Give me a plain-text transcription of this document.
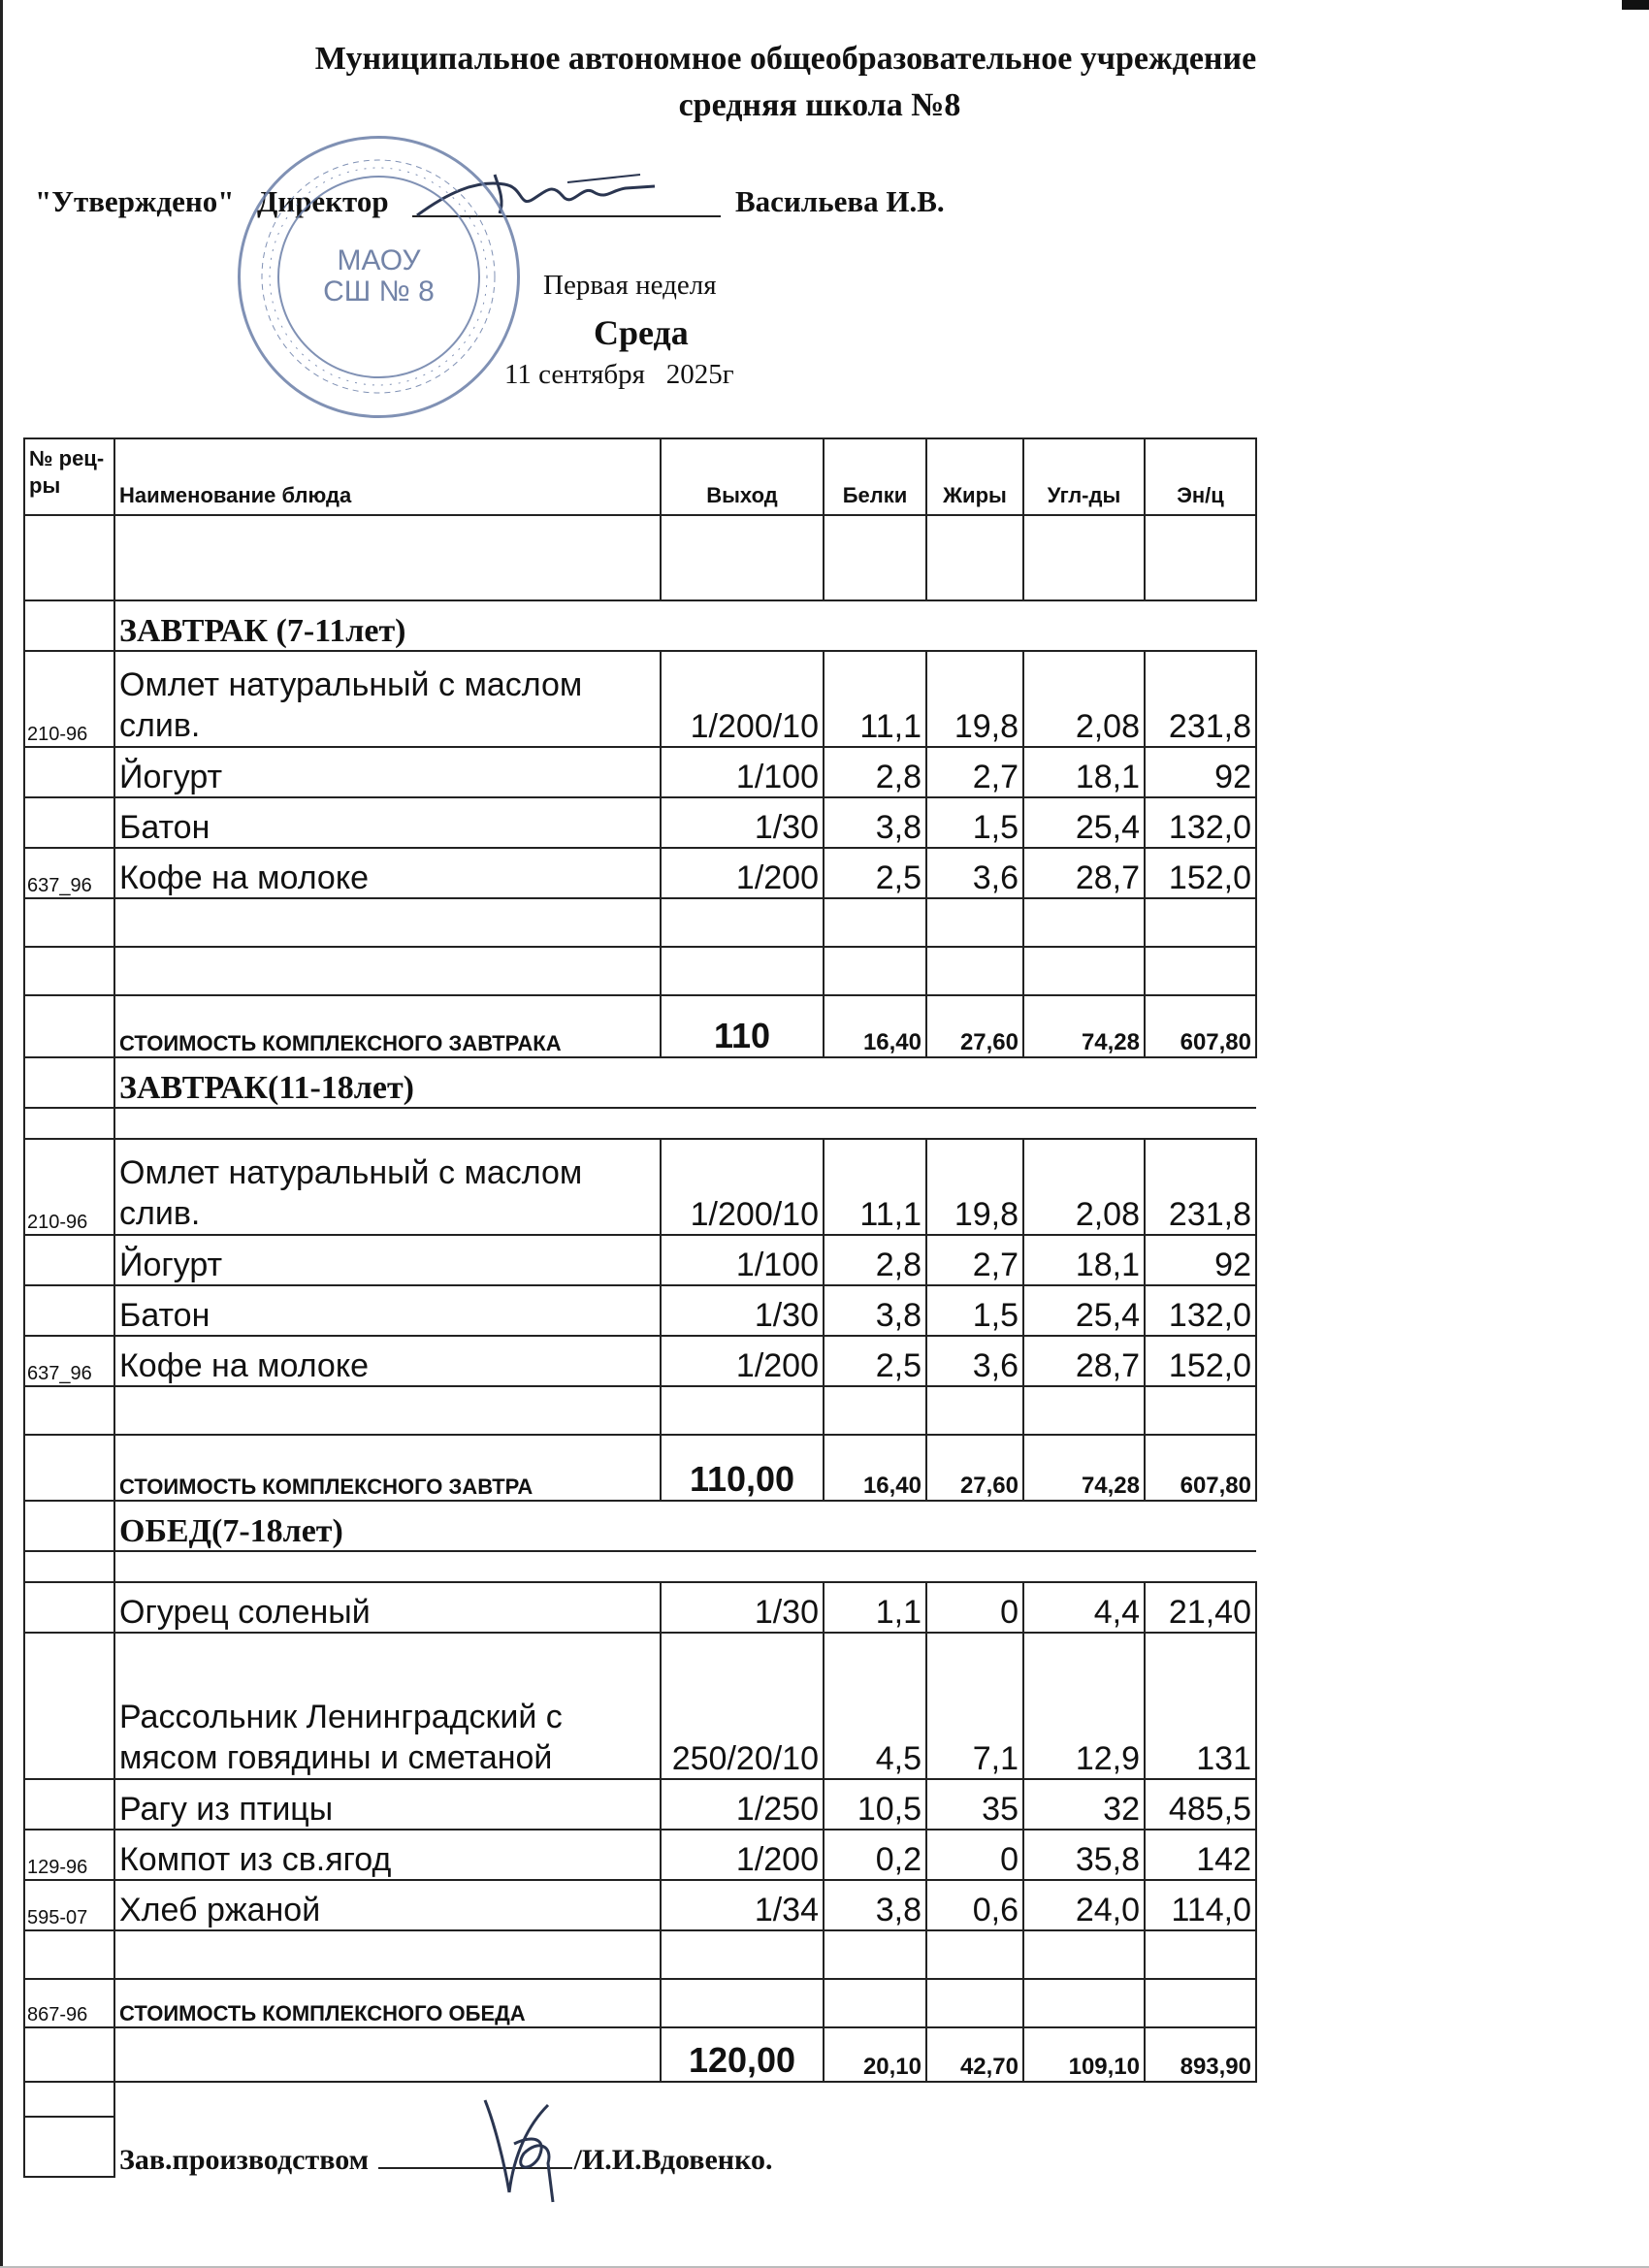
Муниципальное автономное общеобразовательное учреждение
средняя школа №8
"Утверждено" Директор	Васильева И.В.
МАОУ
СШ № 8	Первая неделя
Среда
11 сентября   2025г
№ рец-ры	Наименование блюда	Выход	Белки	Жиры	Угл-ды	Эн/ц

	ЗАВТРАК (7-11лет)					
210-96	Омлет натуральный с маслом слив.	1/200/10	11,1	19,8	2,08	231,8
	Йогурт	1/100	2,8	2,7	18,1	92
	Батон	1/30	3,8	1,5	25,4	132,0
637_96	Кофе на молоке	1/200	2,5	3,6	28,7	152,0

	СТОИМОСТЬ КОМПЛЕКСНОГО ЗАВТРАКА	110	16,40	27,60	74,28	607,80
	ЗАВТРАК(11-18лет)					

210-96	Омлет натуральный с маслом слив.	1/200/10	11,1	19,8	2,08	231,8
	Йогурт	1/100	2,8	2,7	18,1	92
	Батон	1/30	3,8	1,5	25,4	132,0
637_96	Кофе на молоке	1/200	2,5	3,6	28,7	152,0

	СТОИМОСТЬ КОМПЛЕКСНОГО ЗАВТРА	110,00	16,40	27,60	74,28	607,80
	ОБЕД(7-18лет)					

	Огурец соленый	1/30	1,1	0	4,4	21,40
	Рассольник Ленинградский с мясом говядины и сметаной	250/20/10	4,5	7,1	12,9	131
	Рагу из птицы	1/250	10,5	35	32	485,5
129-96	Компот из св.ягод	1/200	0,2	0	35,8	142
595-07	Хлеб ржаной	1/34	3,8	0,6	24,0	114,0

867-96	СТОИМОСТЬ КОМПЛЕКСНОГО ОБЕДА					
		120,00	20,10	42,70	109,10	893,90

	Зав.производством /И.И.Вдовенко.					
